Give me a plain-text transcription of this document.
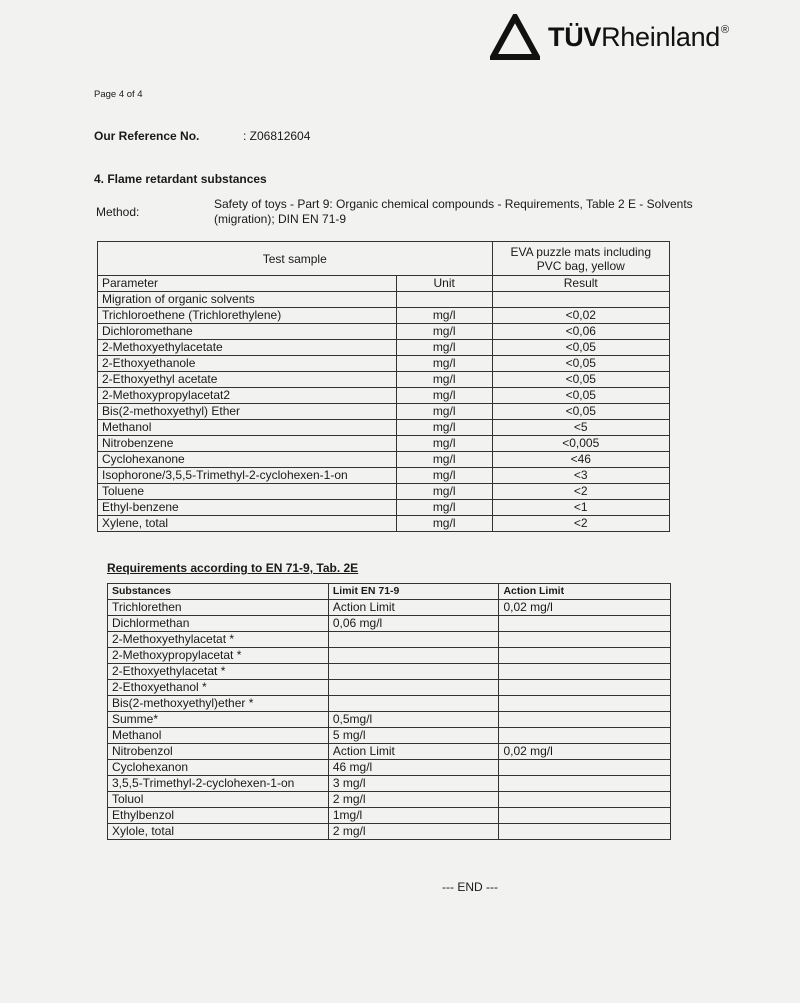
TÜVRheinland®
Page 4 of 4
Our Reference No.	: Z06812604
4. Flame retardant substances
Method:
Safety of toys - Part 9: Organic chemical compounds - Requirements, Table 2 E - Solvents (migration); DIN EN 71-9
Test sample		EVA puzzle mats including PVC bag, yellow
Parameter	Unit	Result
Migration of organic solvents		
Trichloroethene (Trichlorethylene)	mg/l	<0,02
Dichloromethane	mg/l	<0,06
2-Methoxyethylacetate	mg/l	<0,05
2-Ethoxyethanole	mg/l	<0,05
2-Ethoxyethyl acetate	mg/l	<0,05
2-Methoxypropylacetat2	mg/l	<0,05
Bis(2-methoxyethyl) Ether	mg/l	<0,05
Methanol	mg/l	<5
Nitrobenzene	mg/l	<0,005
Cyclohexanone	mg/l	<46
Isophorone/3,5,5-Trimethyl-2-cyclohexen-1-on	mg/l	<3
Toluene	mg/l	<2
Ethyl-benzene	mg/l	<1
Xylene, total	mg/l	<2
Requirements according to EN 71-9, Tab. 2E
Substances	Limit EN 71-9	Action Limit
Trichlorethen	Action Limit	0,02 mg/l
Dichlormethan	0,06 mg/l	
2-Methoxyethylacetat *		
2-Methoxypropylacetat *		
2-Ethoxyethylacetat *		
2-Ethoxyethanol *		
Bis(2-methoxyethyl)ether *		
Summe*	0,5mg/l	
Methanol	5 mg/l	
Nitrobenzol	Action Limit	0,02 mg/l
Cyclohexanon	46 mg/l	
3,5,5-Trimethyl-2-cyclohexen-1-on	3 mg/l	
Toluol	2 mg/l	
Ethylbenzol	1mg/l	
Xylole, total	2 mg/l	
--- END ---
